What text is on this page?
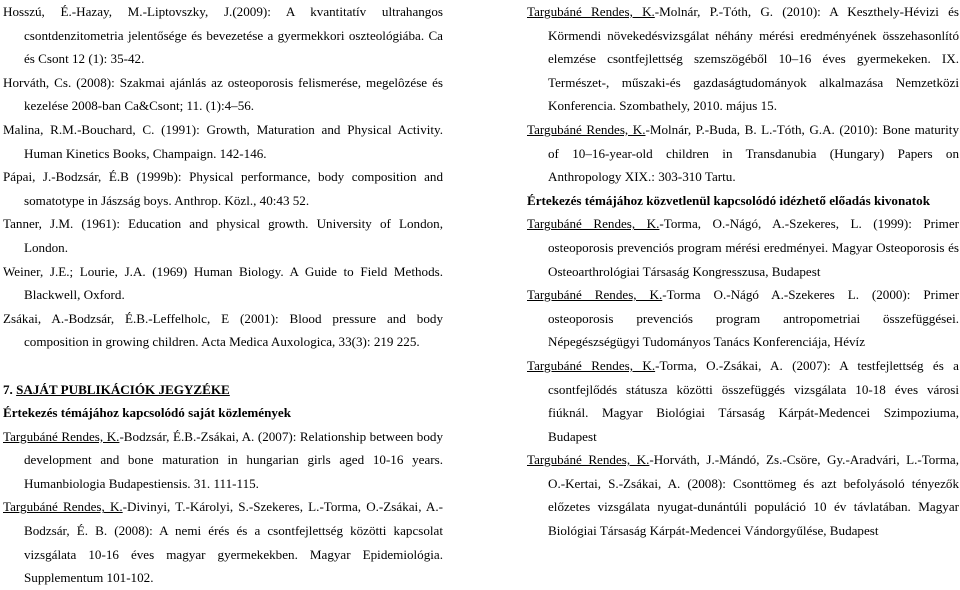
Hosszú, É.-Hazay, M.-Liptovszky, J.(2009): A kvantitatív ultrahangos csontdenzitometria jelentősége és bevezetése a gyermekkori oszteológiába. Ca és Csont 12 (1): 35-42.

Horváth, Cs. (2008): Szakmai ajánlás az osteoporosis felismerése, megelôzése és kezelése 2008-ban Ca&Csont; 11. (1):4–56.

Malina, R.M.-Bouchard, C. (1991): Growth, Maturation and Physical Activity. Human Kinetics Books, Champaign. 142-146.

Pápai, J.-Bodzsár, É.B (1999b): Physical performance, body composition and somatotype in Jászság boys. Anthrop. Közl., 40:43 52.

Tanner, J.M. (1961): Education and physical growth. University of London, London.

Weiner, J.E.; Lourie, J.A. (1969) Human Biology. A Guide to Field Methods. Blackwell, Oxford.

Zsákai, A.-Bodzsár, É.B.-Leffelholc, E (2001): Blood pressure and body composition in growing children. Acta Medica Auxologica, 33(3): 219 225.

7. SAJÁT PUBLIKÁCIÓK JEGYZÉKE

Értekezés témájához kapcsolódó saját közlemények

Targubáné Rendes, K.-Bodzsár, É.B.-Zsákai, A. (2007): Relationship between body development and bone maturation in hungarian girls aged 10-16 years. Humanbiologia Budapestiensis. 31. 111-115.

Targubáné Rendes, K.-Divinyi, T.-Károlyi, S.-Szekeres, L.-Torma, O.-Zsákai, A.- Bodzsár, É. B. (2008): A nemi érés és a csontfejlettség közötti kapcsolat vizsgálata 10-16 éves magyar gyermekekben. Magyar Epidemiológia. Supplementum 101-102.

Targubáné Rendes, K.-Molnár, P.-Tóth, G. (2010): A Keszthely-Hévizi és Körmendi növekedésvizsgálat néhány mérési eredményének összehasonlító elemzése csontfejlettség szemszögéből 10–16 éves gyermekeken. IX. Természet-, műszaki-és gazdaságtudományok alkalmazása Nemzetközi Konferencia. Szombathely, 2010. május 15.

Targubáné Rendes, K.-Molnár, P.-Buda, B. L.-Tóth, G.A. (2010): Bone maturity of 10–16-year-old children in Transdanubia (Hungary) Papers on Anthropology XIX.: 303-310 Tartu.

Értekezés témájához közvetlenül kapcsolódó idézhető előadás kivonatok

Targubáné Rendes, K.-Torma, O.-Nágó, A.-Szekeres, L. (1999): Primer osteoporosis prevenciós program mérési eredményei. Magyar Osteoporosis és Osteoarthrológiai Társaság Kongresszusa, Budapest

Targubáné Rendes, K.-Torma O.-Nágó A.-Szekeres L. (2000): Primer osteoporosis prevenciós program antropometriai összefüggései. Népegészségügyi Tudományos Tanács Konferenciája, Hévíz

Targubáné Rendes, K.-Torma, O.-Zsákai, A. (2007): A testfejlettség és a csontfejlődés státusza közötti összefüggés vizsgálata 10-18 éves városi fiúknál. Magyar Biológiai Társaság Kárpát-Medencei Szimpoziuma, Budapest

Targubáné Rendes, K.-Horváth, J.-Mándó, Zs.-Csöre, Gy.-Aradvári, L.-Torma, O.-Kertai, S.-Zsákai, A. (2008): Csonttömeg és azt befolyásoló tényezők előzetes vizsgálata nyugat-dunántúli populáció 10 év távlatában. Magyar Biológiai Társaság Kárpát-Medencei Vándorgyűlése, Budapest
